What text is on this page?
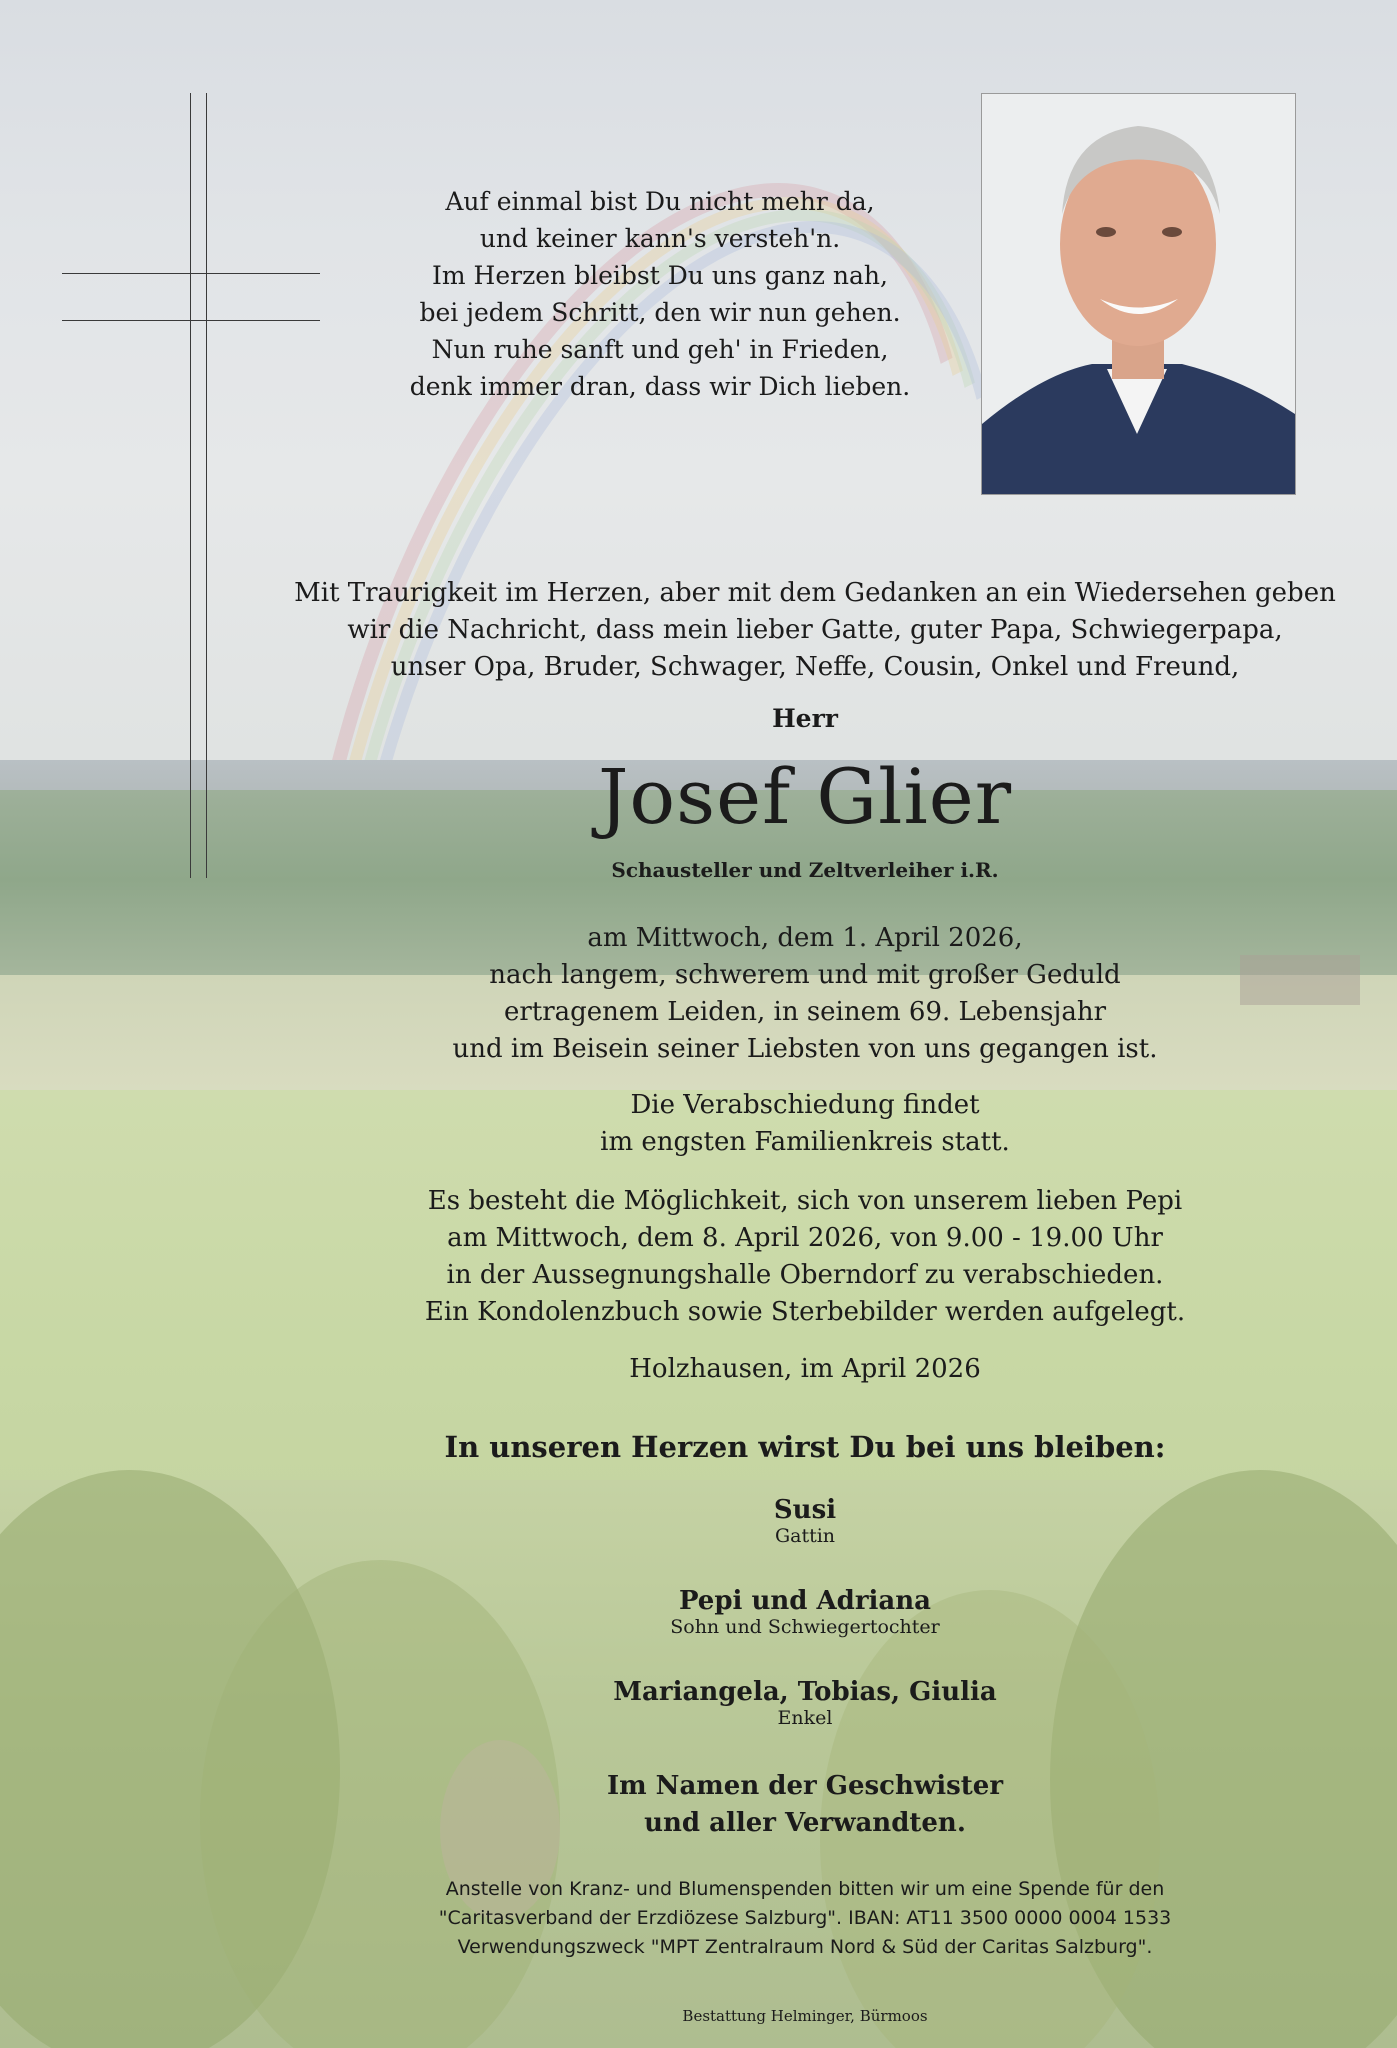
Auf einmal bist Du nicht mehr da,
und keiner kann's versteh'n.
Im Herzen bleibst Du uns ganz nah,
bei jedem Schritt, den wir nun gehen.
Nun ruhe sanft und geh' in Frieden,
denk immer dran, dass wir Dich lieben.
Mit Traurigkeit im Herzen, aber mit dem Gedanken an ein Wiedersehen geben
wir die Nachricht, dass mein lieber Gatte, guter Papa, Schwiegerpapa,
unser Opa, Bruder, Schwager, Neffe, Cousin, Onkel und Freund,
Herr
Josef Glier
Schausteller und Zeltverleiher i.R.
am Mittwoch, dem 1. April 2026,
nach langem, schwerem und mit großer Geduld
ertragenem Leiden, in seinem 69. Lebensjahr
und im Beisein seiner Liebsten von uns gegangen ist.
Die Verabschiedung findet
im engsten Familienkreis statt.
Es besteht die Möglichkeit, sich von unserem lieben Pepi
am Mittwoch, dem 8. April 2026, von 9.00 - 19.00 Uhr
in der Aussegnungshalle Oberndorf zu verabschieden.
Ein Kondolenzbuch sowie Sterbebilder werden aufgelegt.
Holzhausen, im April 2026
In unseren Herzen wirst Du bei uns bleiben:
Susi
Gattin
Pepi und Adriana
Sohn und Schwiegertochter
Mariangela, Tobias, Giulia
Enkel
Im Namen der Geschwister
und aller Verwandten.
Anstelle von Kranz- und Blumenspenden bitten wir um eine Spende für den
"Caritasverband der Erzdiözese Salzburg". IBAN: AT11 3500 0000 0004 1533
Verwendungszweck "MPT Zentralraum Nord & Süd der Caritas Salzburg".
Bestattung Helminger, Bürmoos
